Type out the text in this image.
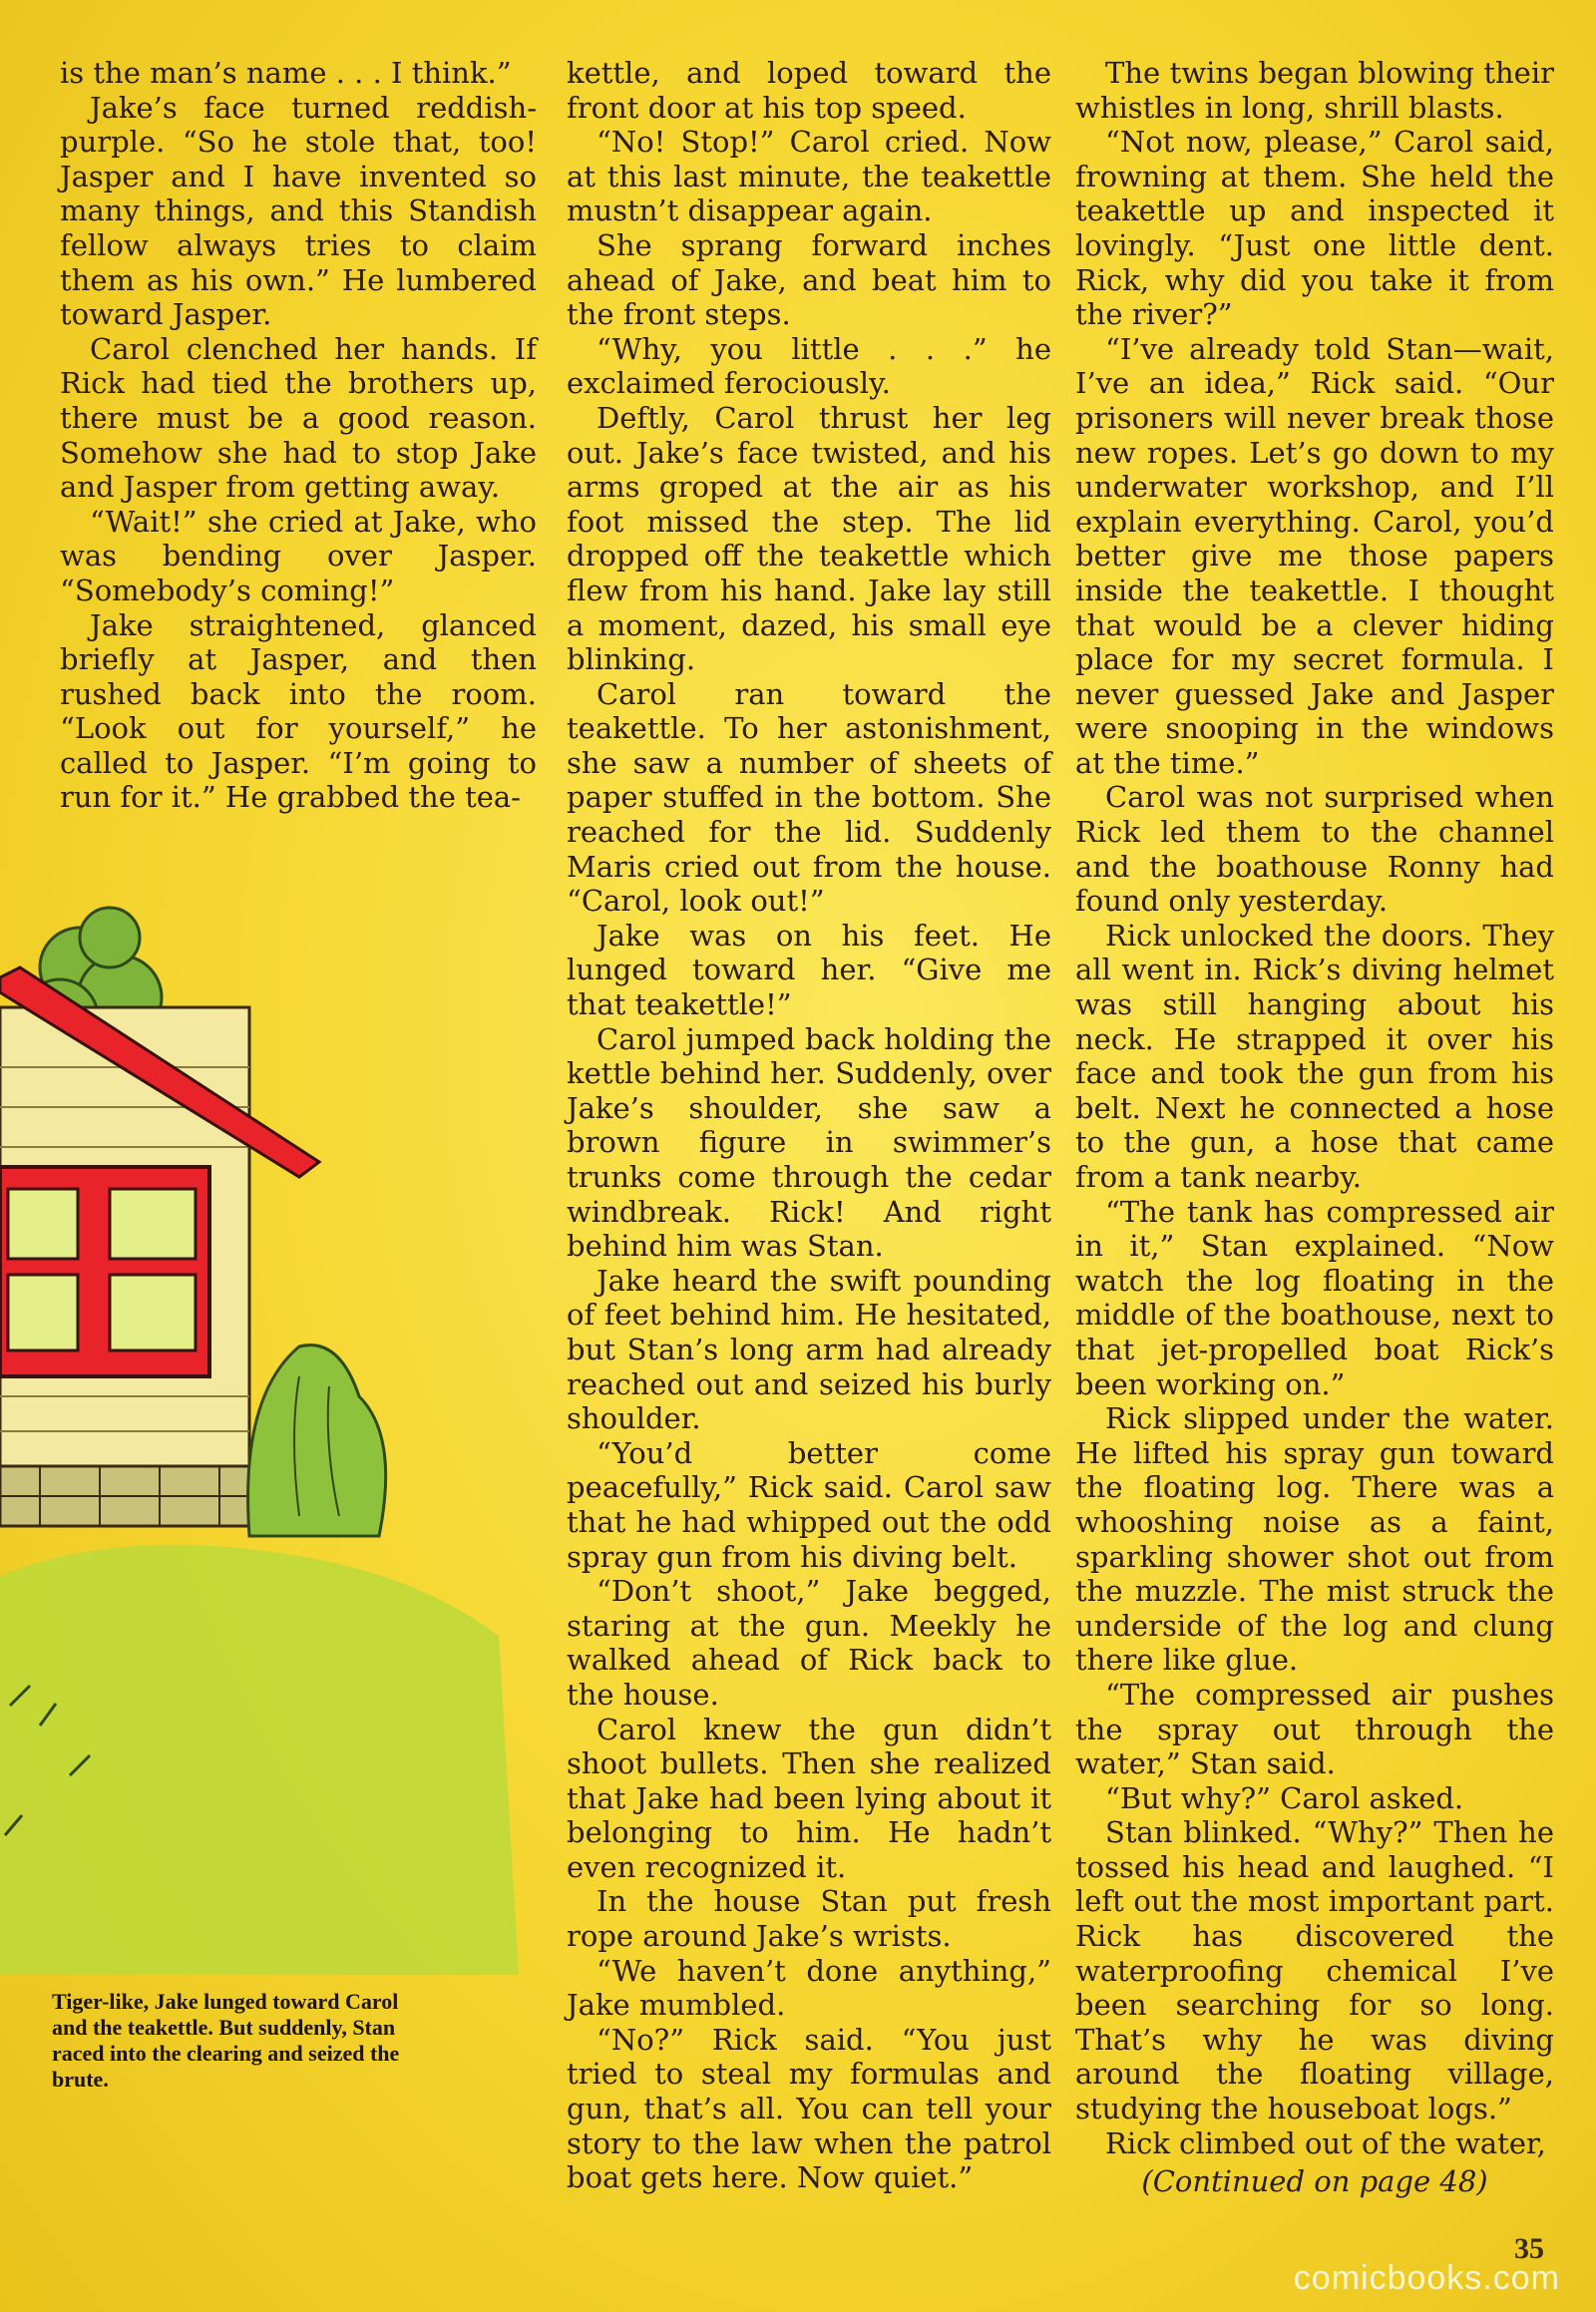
is the man’s name . . . I think.”

Jake’s face turned reddish-purple. “So he stole that, too! Jasper and I have invented so many things, and this Standish fellow always tries to claim them as his own.” He lumbered toward Jasper.

Carol clenched her hands. If Rick had tied the brothers up, there must be a good reason. Somehow she had to stop Jake and Jasper from getting away.

“Wait!” she cried at Jake, who was bending over Jasper. “Somebody’s coming!”

Jake straightened, glanced briefly at Jasper, and then rushed back into the room. “Look out for yourself,” he called to Jasper. “I’m going to run for it.” He grabbed the tea-

kettle, and loped toward the front door at his top speed.

“No! Stop!” Carol cried. Now at this last minute, the teakettle mustn’t disappear again.

She sprang forward inches ahead of Jake, and beat him to the front steps.

“Why, you little . . .” he exclaimed ferociously.

Deftly, Carol thrust her leg out. Jake’s face twisted, and his arms groped at the air as his foot missed the step. The lid dropped off the teakettle which flew from his hand. Jake lay still a moment, dazed, his small eye blinking.

Carol ran toward the teakettle. To her astonishment, she saw a number of sheets of paper stuffed in the bottom. She reached for the lid. Suddenly Maris cried out from the house. “Carol, look out!”

Jake was on his feet. He lunged toward her. “Give me that teakettle!”

Carol jumped back holding the kettle behind her. Suddenly, over Jake’s shoulder, she saw a brown figure in swimmer’s trunks come through the cedar windbreak. Rick! And right behind him was Stan.

Jake heard the swift pounding of feet behind him. He hesitated, but Stan’s long arm had already reached out and seized his burly shoulder.

“You’d better come peacefully,” Rick said. Carol saw that he had whipped out the odd spray gun from his diving belt.

“Don’t shoot,” Jake begged, staring at the gun. Meekly he walked ahead of Rick back to the house.

Carol knew the gun didn’t shoot bullets. Then she realized that Jake had been lying about it belonging to him. He hadn’t even recognized it.

In the house Stan put fresh rope around Jake’s wrists.

“We haven’t done anything,” Jake mumbled.

“No?” Rick said. “You just tried to steal my formulas and gun, that’s all. You can tell your story to the law when the patrol boat gets here. Now quiet.”

The twins began blowing their whistles in long, shrill blasts.

“Not now, please,” Carol said, frowning at them. She held the teakettle up and inspected it lovingly. “Just one little dent. Rick, why did you take it from the river?”

“I’ve already told Stan—wait, I’ve an idea,” Rick said. “Our prisoners will never break those new ropes. Let’s go down to my underwater workshop, and I’ll explain everything. Carol, you’d better give me those papers inside the teakettle. I thought that would be a clever hiding place for my secret formula. I never guessed Jake and Jasper were snooping in the windows at the time.”

Carol was not surprised when Rick led them to the channel and the boathouse Ronny had found only yesterday.

Rick unlocked the doors. They all went in. Rick’s diving helmet was still hanging about his neck. He strapped it over his face and took the gun from his belt. Next he connected a hose to the gun, a hose that came from a tank nearby.

“The tank has compressed air in it,” Stan explained. “Now watch the log floating in the middle of the boathouse, next to that jet-propelled boat Rick’s been working on.”

Rick slipped under the water. He lifted his spray gun toward the floating log. There was a whooshing noise as a faint, sparkling shower shot out from the muzzle. The mist struck the underside of the log and clung there like glue.

“The compressed air pushes the spray out through the water,” Stan said.

“But why?” Carol asked.

Stan blinked. “Why?” Then he tossed his head and laughed. “I left out the most important part. Rick has discovered the waterproofing chemical I’ve been searching for so long. That’s why he was diving around the floating village, studying the houseboat logs.”

Rick climbed out of the water,

(Continued on page 48)

Tiger-like, Jake lunged toward Carol and the teakettle. But suddenly, Stan raced into the clearing and seized the brute.
35
comicbooks.com
